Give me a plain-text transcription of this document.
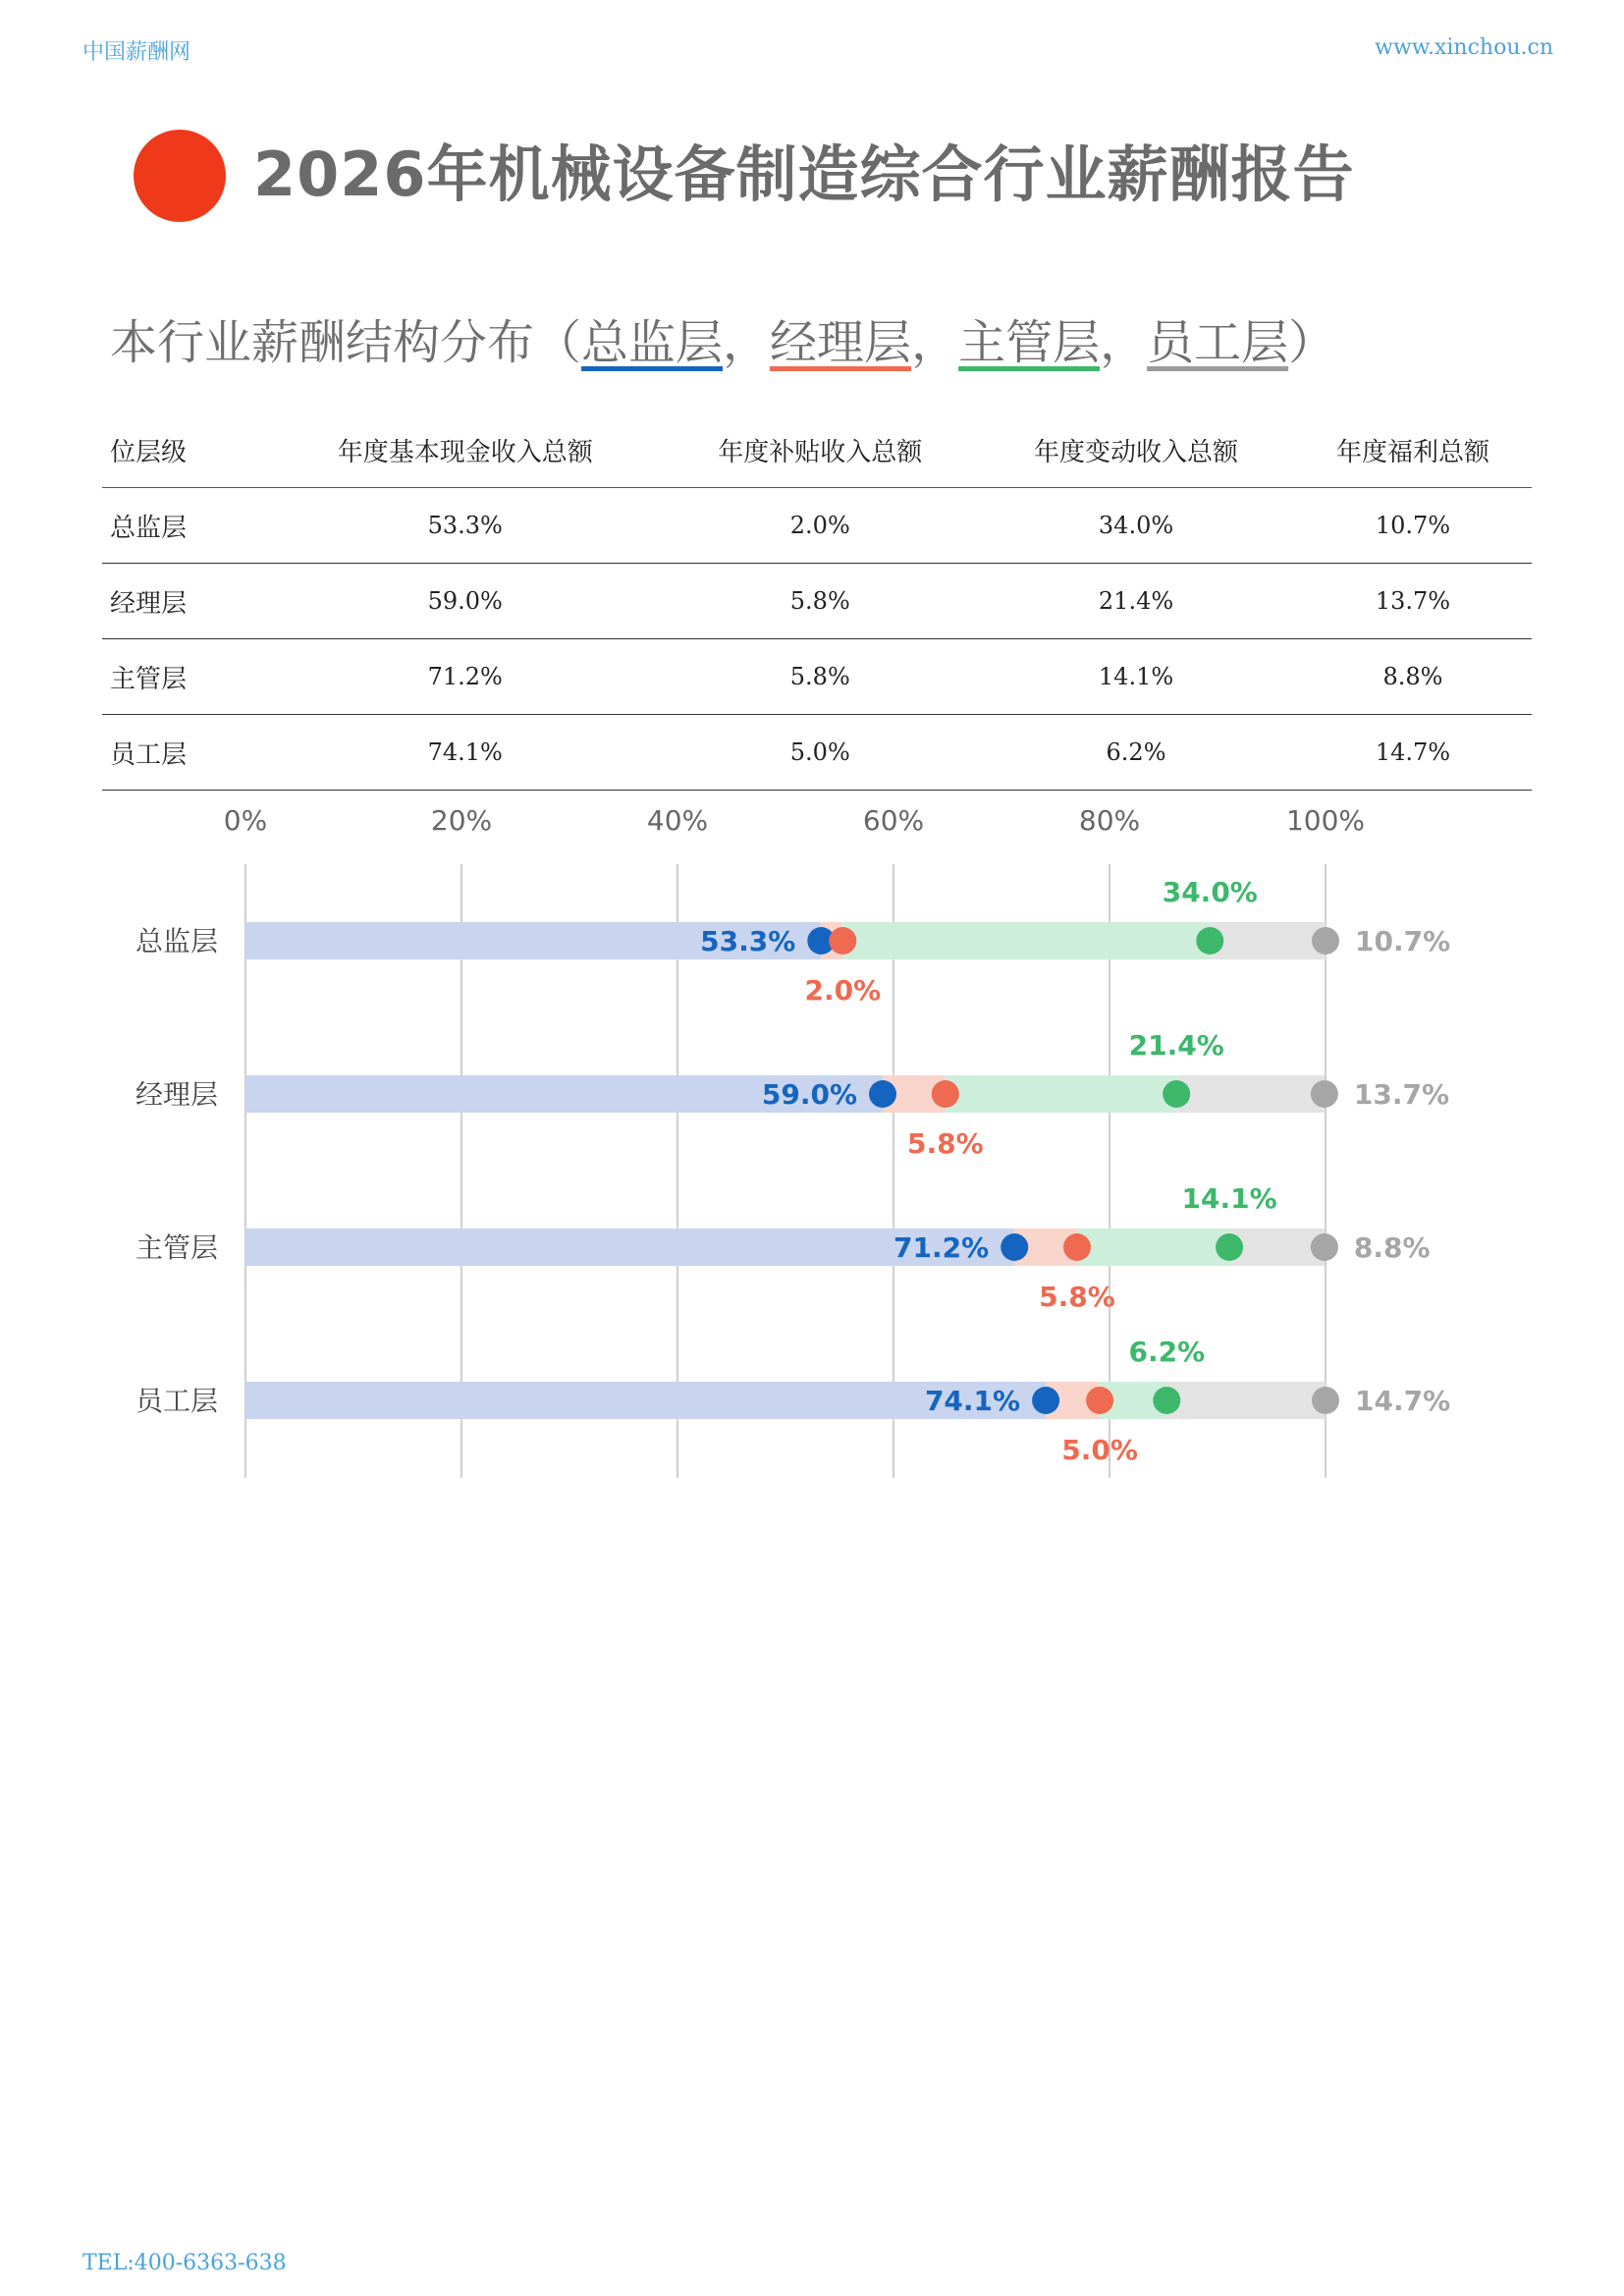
中国薪酬网	www.xinchou.cn
2026年机械设备制造综合行业薪酬报告
本行业薪酬结构分布（总监层，经理层，主管层，员工层）
位层级	年度基本现金收入总额	年度补贴收入总额	年度变动收入总额	年度福利总额
总监层	53.3%	2.0%	34.0%	10.7%
经理层	59.0%	5.8%	21.4%	13.7%
主管层	71.2%	5.8%	14.1%	8.8%
员工层	74.1%	5.0%	6.2%	14.7%
0%	20%	40%	60%	80%	100%
总监层	53.3%
2.0%
34.0%
10.7%
经理层	59.0%
5.8%
21.4%
13.7%
主管层	71.2%
5.8%
14.1%
8.8%
员工层	74.1%
5.0%
6.2%
14.7%
TEL:400-6363-638
